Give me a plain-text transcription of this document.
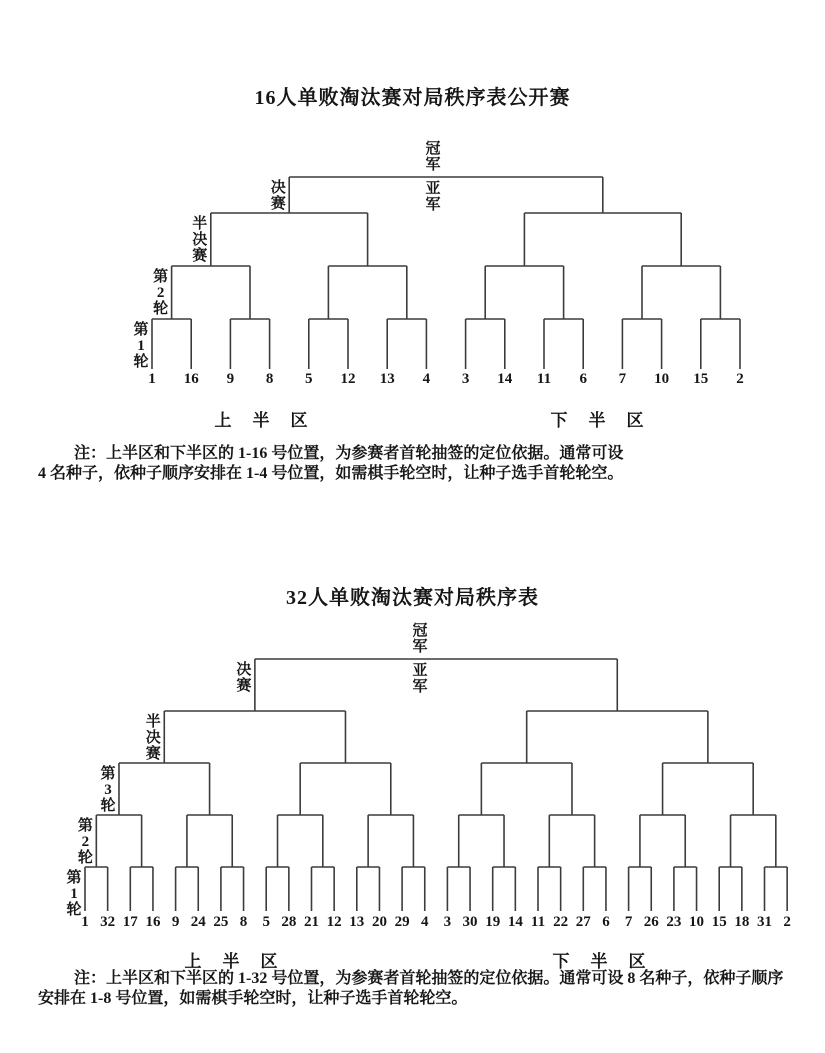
16人单败淘汰赛对局秩序表公开赛
32人单败淘汰赛对局秩序表
1 16 9 8 5 12 13 4 3 14 11 6 7 10 15 2
第
1
轮
第
2
轮
半
决
赛
决
赛
冠
军
亚
军
1 32 17 16 9 24 25 8 5 28 21 12 13 20 29 4 3 30 19 14 11 22 27 6 7 26 23 10 15 18 31 2
第
1
轮
第
2
轮
第
3
轮
半
决
赛
决
赛
冠
军
亚
军
上　半　区	下　半　区
注：上半区和下半区的 1-16 号位置，为参赛者首轮抽签的定位依据。通常可设
4 名种子，依种子顺序安排在 1-4 号位置，如需棋手轮空时，让种子选手首轮轮空。
上　半　区	下　半　区
注：上半区和下半区的 1-32 号位置，为参赛者首轮抽签的定位依据。通常可设 8 名种子，依种子顺序
安排在 1-8 号位置，如需棋手轮空时，让种子选手首轮轮空。
